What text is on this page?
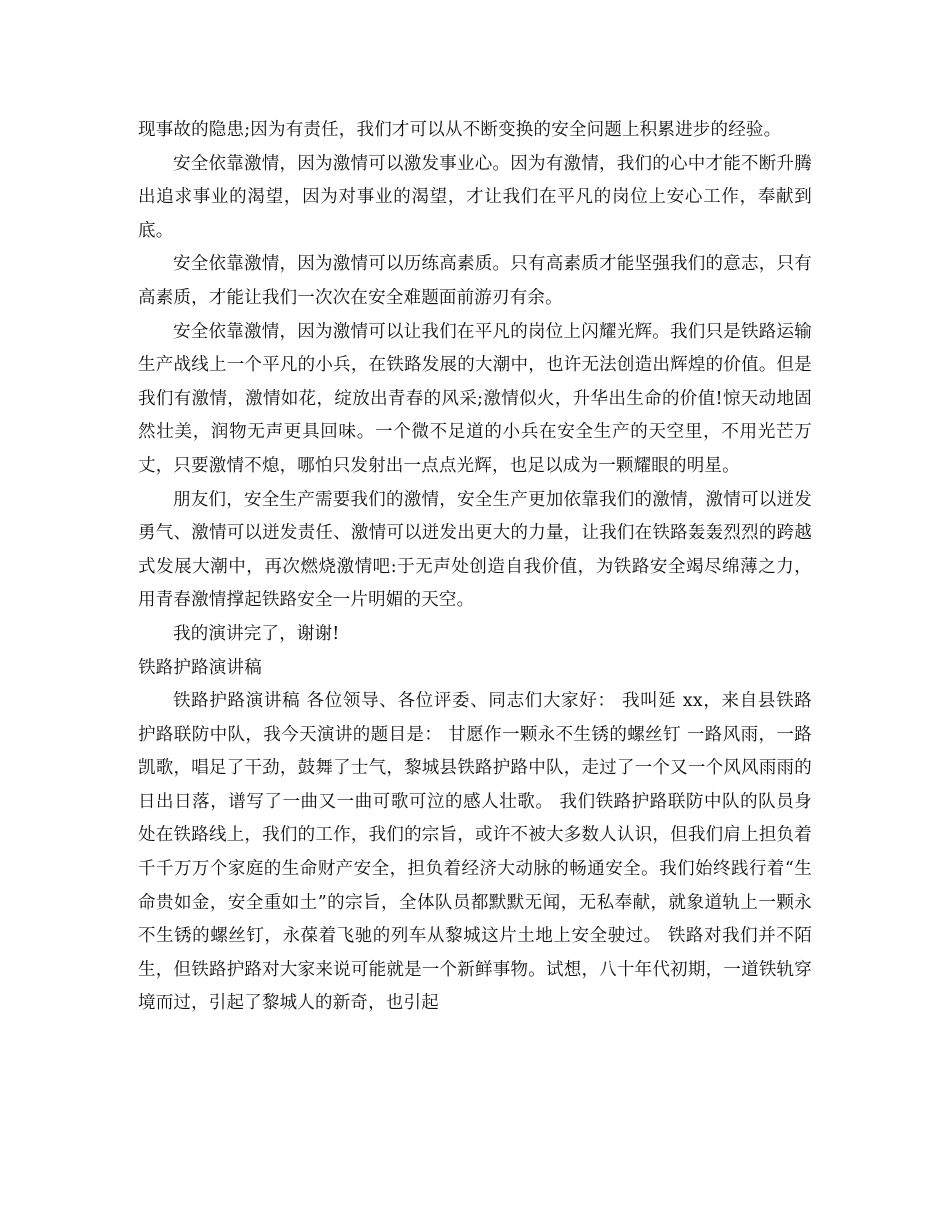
现事故的隐患;因为有责任，我们才可以从不断变换的安全问题上积累进步的经验。

安全依靠激情，因为激情可以激发事业心。因为有激情，我们的心中才能不断升腾出追求事业的渴望，因为对事业的渴望，才让我们在平凡的岗位上安心工作，奉献到底。

安全依靠激情，因为激情可以历练高素质。只有高素质才能坚强我们的意志，只有高素质，才能让我们一次次在安全难题面前游刃有余。

安全依靠激情，因为激情可以让我们在平凡的岗位上闪耀光辉。我们只是铁路运输生产战线上一个平凡的小兵，在铁路发展的大潮中，也许无法创造出辉煌的价值。但是我们有激情，激情如花，绽放出青春的风采;激情似火，升华出生命的价值!惊天动地固然壮美，润物无声更具回味。一个微不足道的小兵在安全生产的天空里，不用光芒万丈，只要激情不熄，哪怕只发射出一点点光辉，也足以成为一颗耀眼的明星。

朋友们，安全生产需要我们的激情，安全生产更加依靠我们的激情，激情可以迸发勇气、激情可以迸发责任、激情可以迸发出更大的力量，让我们在铁路轰轰烈烈的跨越式发展大潮中，再次燃烧激情吧:于无声处创造自我价值，为铁路安全竭尽绵薄之力，用青春激情撑起铁路安全一片明媚的天空。

我的演讲完了，谢谢!

铁路护路演讲稿

铁路护路演讲稿 各位领导、各位评委、同志们大家好： 我叫延 xx，来自县铁路护路联防中队，我今天演讲的题目是： 甘愿作一颗永不生锈的螺丝钉 一路风雨，一路凯歌，唱足了干劲，鼓舞了士气，黎城县铁路护路中队，走过了一个又一个风风雨雨的日出日落，谱写了一曲又一曲可歌可泣的感人壮歌。 我们铁路护路联防中队的队员身处在铁路线上，我们的工作，我们的宗旨，或许不被大多数人认识，但我们肩上担负着千千万万个家庭的生命财产安全，担负着经济大动脉的畅通安全。我们始终践行着“生命贵如金，安全重如土”的宗旨，全体队员都默默无闻，无私奉献，就象道轨上一颗永不生锈的螺丝钉，永葆着飞驰的列车从黎城这片土地上安全驶过。 铁路对我们并不陌生，但铁路护路对大家来说可能就是一个新鲜事物。试想，八十年代初期，一道铁轨穿境而过，引起了黎城人的新奇，也引起
